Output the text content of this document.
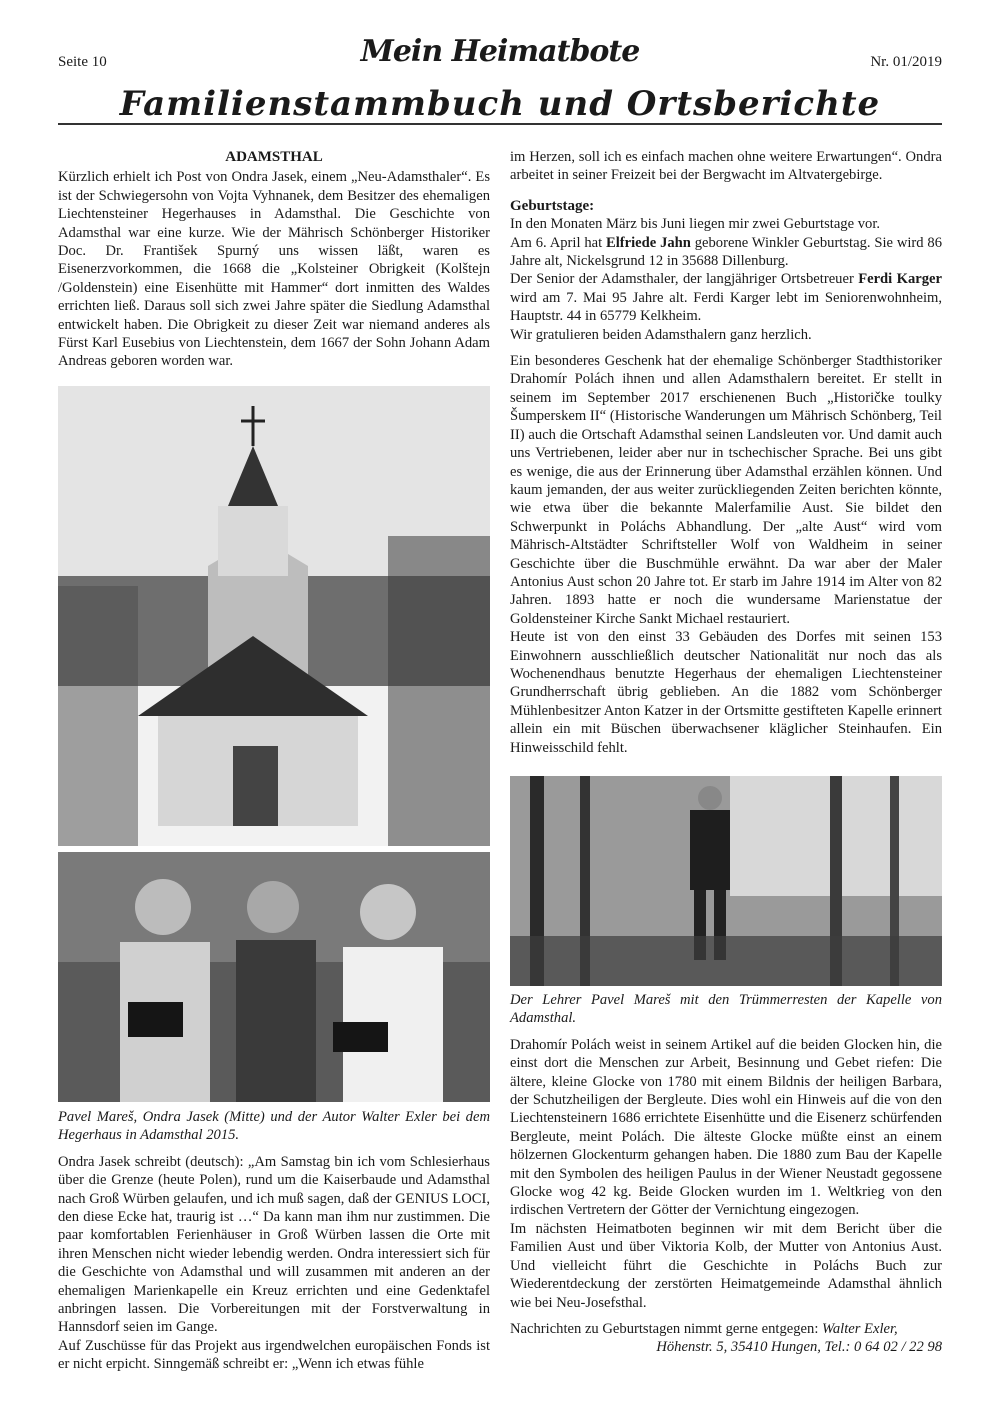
Seite 10	Mein Heimatbote	Nr. 01/2019
Familienstammbuch und Ortsberichte
ADAMSTHAL

Kürzlich erhielt ich Post von Ondra Jasek, einem „Neu-Adamsthaler“. Es ist der Schwiegersohn von Vojta Vyhnanek, dem Besitzer des ehemaligen Liechtensteiner Hegerhauses in Adamsthal. Die Geschichte von Adamsthal war eine kurze. Wie der Mährisch Schönberger Historiker Doc. Dr. František Spurný uns wissen läßt, waren es Eisenerzvorkommen, die 1668 die „Kolsteiner Obrigkeit (Kolštejn /Goldenstein) eine Eisenhütte mit Hammer“ dort inmitten des Waldes errichten ließ. Daraus soll sich zwei Jahre später die Siedlung Adamsthal entwickelt haben. Die Obrigkeit zu dieser Zeit war niemand anderes als Fürst Karl Eusebius von Liechtenstein, dem 1667 der Sohn Johann Adam Andreas geboren worden war.

Pavel Mareš, Ondra Jasek (Mitte) und der Autor Walter Exler bei dem Hegerhaus in Adamsthal 2015.

Ondra Jasek schreibt (deutsch): „Am Samstag bin ich vom Schlesierhaus über die Grenze (heute Polen), rund um die Kaiserbaude und Adamsthal nach Groß Würben gelaufen, und ich muß sagen, daß der GENIUS LOCI, den diese Ecke hat, traurig ist …“ Da kann man ihm nur zustimmen. Die paar komfortablen Ferienhäuser in Groß Würben lassen die Orte mit ihren Menschen nicht wieder lebendig werden. Ondra interessiert sich für die Geschichte von Adamsthal und will zusammen mit anderen an der ehemaligen Marienkapelle ein Kreuz errichten und eine Gedenktafel anbringen lassen. Die Vorbereitungen mit der Forstverwaltung in Hannsdorf seien im Gange.

Auf Zuschüsse für das Projekt aus irgendwelchen europäischen Fonds ist er nicht erpicht. Sinngemäß schreibt er: „Wenn ich etwas fühle

im Herzen, soll ich es einfach machen ohne weitere Erwartungen“. Ondra arbeitet in seiner Freizeit bei der Bergwacht im Altvatergebirge.

Geburtstage:

In den Monaten März bis Juni liegen mir zwei Geburtstage vor.

Am 6. April hat Elfriede Jahn geborene Winkler Geburtstag. Sie wird 86 Jahre alt, Nickelsgrund 12 in 35688 Dillenburg.

Der Senior der Adamsthaler, der langjähriger Ortsbetreuer Ferdi Karger wird am 7. Mai 95 Jahre alt. Ferdi Karger lebt im Seniorenwohnheim, Hauptstr. 44 in 65779 Kelkheim.

Wir gratulieren beiden Adamsthalern ganz herzlich.

Ein besonderes Geschenk hat der ehemalige Schönberger Stadthistoriker Drahomír Polách ihnen und allen Adamsthalern bereitet. Er stellt in seinem im September 2017 erschienenen Buch „Historičke toulky Šumperskem II“ (Historische Wanderungen um Mährisch Schönberg, Teil II) auch die Ortschaft Adamsthal seinen Landsleuten vor. Und damit auch uns Vertriebenen, leider aber nur in tschechischer Sprache. Bei uns gibt es wenige, die aus der Erinnerung über Adamsthal erzählen können. Und kaum jemanden, der aus weiter zurückliegenden Zeiten berichten könnte, wie etwa über die bekannte Malerfamilie Aust. Sie bildet den Schwerpunkt in Poláchs Abhandlung. Der „alte Aust“ wird vom Mährisch-Altstädter Schriftsteller Wolf von Waldheim in seiner Geschichte über die Buschmühle erwähnt. Da war aber der Maler Antonius Aust schon 20 Jahre tot. Er starb im Jahre 1914 im Alter von 82 Jahren. 1893 hatte er noch die wundersame Marienstatue der Goldensteiner Kirche Sankt Michael restauriert.

Heute ist von den einst 33 Gebäuden des Dorfes mit seinen 153 Einwohnern ausschließlich deutscher Nationalität nur noch das als Wochenendhaus benutzte Hegerhaus der ehemaligen Liechtensteiner Grundherrschaft übrig geblieben. An die 1882 vom Schönberger Mühlenbesitzer Anton Katzer in der Ortsmitte gestifteten Kapelle erinnert allein ein mit Büschen überwachsener kläglicher Steinhaufen. Ein Hinweisschild fehlt.

Der Lehrer Pavel Mareš mit den Trümmerresten der Kapelle von Adamsthal.

Drahomír Polách weist in seinem Artikel auf die beiden Glocken hin, die einst dort die Menschen zur Arbeit, Besinnung und Gebet riefen: Die ältere, kleine Glocke von 1780 mit einem Bildnis der heiligen Barbara, der Schutzheiligen der Bergleute. Dies wohl ein Hinweis auf die von den Liechtensteinern 1686 errichtete Eisenhütte und die Eisenerz schürfenden Bergleute, meint Polách. Die älteste Glocke müßte einst an einem hölzernen Glockenturm gehangen haben. Die 1880 zum Bau der Kapelle mit den Symbolen des heiligen Paulus in der Wiener Neustadt gegossene Glocke wog 42 kg. Beide Glocken wurden im 1. Weltkrieg von den irdischen Vertretern der Götter der Vernichtung eingezogen.

Im nächsten Heimatboten beginnen wir mit dem Bericht über die Familien Aust und über Viktoria Kolb, der Mutter von Antonius Aust. Und vielleicht führt die Geschichte in Poláchs Buch zur Wiederentdeckung der zerstörten Heimatgemeinde Adamsthal ähnlich wie bei Neu-Josefsthal.

Nachrichten zu Geburtstagen nimmt gerne entgegen: Walter Exler,

Höhenstr. 5, 35410 Hungen, Tel.: 0 64 02 / 22 98
